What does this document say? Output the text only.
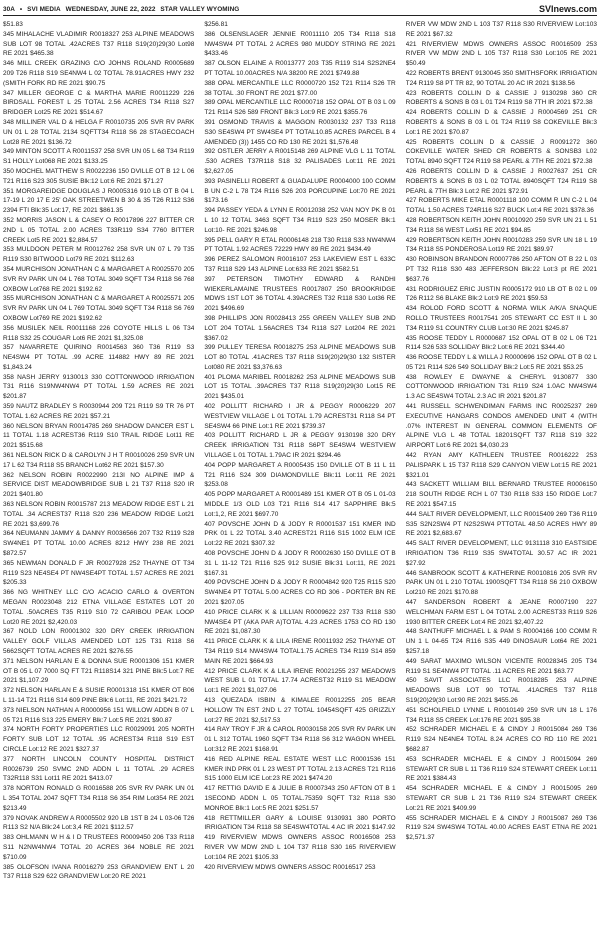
30A • SVI MEDIA WEDNESDAY, JUNE 22, 2022 STAR VALLEY WYOMING	SVInews.com

$51.83

345 MIHALACHE VLADIMIR R0018327 253 ALPINE MEADOWS SUB LOT 98 TOTAL .42ACRES T37 R118 S19(20)29(30 Lot98 RE 2021 $465.38

346 MILL CREEK GRAZING C/O JOHNS ROLAND R0005689 209 T26 R118 S19 SE4NW4 L 02 TOTAL 78.91ACRES HWY 232 (SMITH FORK RD RE 2021 $90.75

347 MILLER GEORGE C & MARTHA MARIE R0011229 226 BIRDSALL FOREST L 25 TOTAL 2.56 ACRES T34 R118 S27 BRIDGER Lot25 RE 2021 $514.67

348 MILLINER VAL D & HELGA F R0010735 205 SVR RV PARK UN 01 L 28 TOTAL 2134 SQFTT34 R118 S6 28 STAGECOACH Lot28 RE 2021 $136.72

349 MINTON SCOTT A R0011537 258 SVR UN 05 L 68 T34 R119 S1 HOLLY Lot068 RE 2021 $133.25

350 MOCHEL MATTHEW S R0022236 150 DVILLE OT B 12 L 06 T21 R116 S23 305 SUSIE Blk:12 Lot:6 RE 2021 $71.27

351 MORGAREIDGE DOUGLAS J R0005316 910 LB OT B 04 L 17-19 L 20 17 E 25' OAK STREETWEN B 30 & 35 T26 R112 S36 2394 FTI Blk:35 Lot:17, RE 2021 $861.35

352 MORRIS JASON L & CASEY O R0017896 227 BITTER CR 2ND L 05 TOTAL 2.00 ACRES T33R119 S34 7760 BITTER CREEK Lot5 RE 2021 $2,884.57

353 MULDOON PETER M R0012762 258 SVR UN 07 L 79 T35 R119 S30 BITWOOD Lot79 RE 2021 $112.63

354 MURCHISON JONATHAN C & MARGARET A R0025570 205 SVR RV PARK UN 04 L 768 TOTAL 3049 SQFT T34 R118 S6 768 OXBOW Lot768 RE 2021 $192.62

355 MURCHISON JONATHAN C & MARGARET A R0025571 205 SVR RV PARK UN 04 L 769 TOTAL 3049 SQFT T34 R118 S6 769 OXBOW Lot769 RE 2021 $192.62

356 MUSILEK NEIL R0011168 226 COYOTE HILLS L 06 T34 R118 S32 25 COUGAR Lot6 RE 2021 $1,325.08

357 NAVARRETE QUIRINO R0014563 360 T36 R119 S3 NE4SW4 PT TOTAL .99 ACRE 114882 HWY 89 RE 2021 $1,843.24

358 NASH JERRY 9130013 330 COTTONWOOD IRRIGATION T31 R116 S19NW4NW4 PT TOTAL 1.59 ACRES RE 2021 $201.87

359 NAUTZ BRADLEY S R0030944 209 T21 R119 S9 TR 76 PT TOTAL 1.62 ACRES RE 2021 $57.21

360 NELSON BRYAN R0014785 269 SHADOW DANCER EST L 11 TOTAL 1.18 ACREST36 R119 S10 TRAIL RIDGE Lot11 RE 2021 $515.68

361 NELSON RICK D & CAROLYN J H T R0010026 259 SVR UN 17 L 62 T34 R118 S5 BRANCH Lot62 RE 2021 $157.30

362 NELSON ROBIN R0022990 213I NO ALPINE IMP & SERVICE DIST MEADOWBRIDGE SUB L 21 T37 R118 S20 IR 2021 $401.80

363 NELSON ROBIN R0015787 213 MEADOW RIDGE EST L 21 TOTAL .34 ACREST37 R118 S20 236 MEADOW RIDGE Lot21 RE 2021 $3,699.76

364 NEUMANN JAMMY & DANNY R0036566 207 T32 R119 S28 SW4NE1 PT TOTAL 10.00 ACRES 8212 HWY 238 RE 2021 $872.57

365 NEWMAN DONALD F JR R0027928 252 THAYNE OT T34 R119 S23 NE4SE4 PT NW4SE4PT TOTAL 1.57 ACRES RE 2021 $205.33

366 NG WHITNEY LLC C/O ACACIO CARLO & OVERTON MEGAN R0023048 212 ETNA VILLAGE ESTATES LOT 20 TOTAL .50ACRES T35 R119 S10 72 CARIBOU PEAK LOOP Lot20 RE 2021 $2,420.03

367 NOLD LON R0001302 320 DRY CREEK IRRIGATION VALLEY GOLF VILLAS AMENDED LOT 125 T31 R118 S6 5662SQFT TOTAL ACRES RE 2021 $276.55

371 NELSON HARLAN E & DONNA SUE R0001306 151 KMER OT B 05 L 07 7000 SQ FT T21 R118S14 321 PINE Blk:5 Lot:7 RE 2021 $1,107.29

372 NELSON HARLAN E & SUSIE R0001318 151 KMER OT B06 L 11-14 T21 R116 S14 609 PINE Blk:6 Lot:11, RE 2021 $421.72

373 NIELSON NATHAN A R0000956 151 WILLOW ADDN B 07 L 05 T21 R116 S13 225 EMERY Blk:7 Lot:5 RE 2021 $90.87

374 NORTH FORTY PROPERTIES LLC R0029091 205 NORTH FORTY SUB LOT 12 TOTAL .95 ACREST34 R118 S19 EST CIRCLE Lot:12 RE 2021 $327.37

377 NORTH LINCOLN COUNTY HOSPITAL DISTRICT R0026739 250 SVMC 2ND ADDN L 11 TOTAL .29 ACRES T32R118 S31 Lot11 RE 2021 $413.07

378 NORTON RONALD G R0016588 205 SVR RV PARK UN 01 L 354 TOTAL 2047 SQFT T34 R118 S6 354 RIM Lot354 RE 2021 $213.49

379 NOVAK ANDREW A R0005502 920 LB 1ST B 24 L 03-06 T26 R113 S2 N/A Blk:24 Lot:3,4 RE 2021 $112.57

383 OHLMANN W H & I D TRUSTEES R0009450 206 T33 R118 S11 N2NW4NW4 TOTAL 20 ACRES 364 NOBLE RE 2021 $710.09

385 OLOFSON IVANA R0016279 253 GRANDVIEW ENT L 20 T37 R118 S29 622 GRANDVIEW Lot:20 RE 2021

$256.81

386 OLSENSLAGER JENNIE R0011110 205 T34 R118 S18 NW4SW4 PT TOTAL 2 ACRES 980 MUDDY STRING RE 2021 $433.46

387 OLSON ELAINE A R0013777 203 T35 R119 S14 S2S2NE4 PT TOTAL 10.00ACRES N/A 38200 RE 2021 $749.88

388 OPAL MERCANTILE LLC R0000720 152 T21 R114 S26 TR 38 TOTAL .30 FRONT RE 2021 $77.00

389 OPAL MERCANTILE LLC R0000718 152 OPAL OT B 03 L 09 T21 R114 S26 589 FRONT Blk:3 Lot:9 RE 2021 $355.76

391 OSMOND TRAVIS & MAGGON R0030132 237 T33 R118 S30 SE4SW4 PT SW4SE4 PT TOTAL10.85 ACRES PARCEL B 4 AMENDED (3)) 1455 CO RD 130 RE 2021 $1,576.48

392 OSTLER JERRY A R0015148 269 ALPINE VLG L 11 TOTAL .530 ACRES T37R118 S18 32 PALISADES Lot:11 RE 2021 $2,627.05

393 PASINELLI ROBERT & GUADALUPE R0004000 100 COMM B UN C-2 L 78 T24 R116 S26 203 PORCUPINE Lot:70 RE 2021 $173.16

394 PASSEY YEDA & LYNN E R0012038 252 VAN NOY PK B 01 L 10 12 TOTAL 3463 SQFT T34 R119 S23 250 MOSER Blk:1 Lot:10- RE 2021 $246.98

395 PELL GARY R ETAL R0006148 218 T30 R118 S33 NW4NW4 PT TOTAL 1.92 ACRES 72229 HWY 89 RE 2021 $434.49

396 PEREZ SALOMON R0016107 253 LAKEVIEW EST L 633C T37 R118 S29 143 ALPINE Lot:633 RE 2021 $582.51

397 PETERSON TIMOTHY EDWARD & RANDHI WIEKERLAMAINE TRUSTEES R0017807 250 BROOKRIDGE MDWS 1ST LOT 36 TOTAL 4.39ACRES T32 R118 S30 Lot36 RE 2021 $496.69

398 PHILLIPS JON R0028413 255 GREEN VALLEY SUB 2ND LOT 204 TOTAL 1.56ACRES T34 R118 S27 Lot204 RE 2021 $367.02

399 PULLEY TERESA R0018275 253 ALPINE MEADOWS SUB LOT 80 TOTAL .41ACRES T37 R118 S19(20)29(30 132 SISTER Lot080 RE 2021 $3,376.63

401 PLOMA MARIBEL R0018262 253 ALPINE MEADOWS SUB LOT 15 TOTAL .39ACRES T37 R118 S19(20)29(30 Lot15 RE 2021 $435.01

402 POLLITT RICHARD I JR & PEGGY R0006229 207 WESTVIEW VILLAGE L 01 TOTAL 1.79 ACREST31 R118 S4 PT SE4SW4 66 PINE Lot:1 RE 2021 $739.37

403 POLLITT RICHARD L JR & PEGGY 9130198 320 DRY CREEK IRRIGATION T31 R118 S6PT SE4SW4 WESTVIEW VILLAGE L 01 TOTAL 1.79AC IR 2021 $294.46

404 POPP MARGARET A R0005435 150 DVILLE OT B 11 L 11 T21 R116 S24 309 DIAMONDVILLE Blk:11 Lot:11 RE 2021 $253.08

405 POPP MARGARET A R0001489 151 KMER OT B 05 L 01-03 MIDDLE 1/3 OLD L03 T21 R116 S14 417 SAPPHIRE Blk:5 Lot:1,2, RE 2021 $697.70

407 POVSCHE JOHN D & JODY R R0001537 151 KMER IND PRK 01 L 22 TOTAL 3.40 ACREST21 R116 S15 1002 ELM ICE Lot:22 RE 2021 $307.32

408 POVSCHE JOHN D & JODY R R0002630 150 DVILLE OT B 31 L 11-12 T21 R116 S25 912 SUSIE Blk:31 Lot:11, RE 2021 $167.31

409 POVSCHE JOHN D & JODY R R0004842 920 T25 R115 S20 SW4NE4 PT TOTAL 5.00 ACRES CO RD 306 - PORTER BN RE 2021 $207.05

410 PRICE CLARK K & LILLIAN R0009622 237 T33 R118 S30 NW4SE4 PT (AKA PAR A)TOTAL 4.23 ACRES 1753 CO RD 130 RE 2021 $1,087.30

411 PRICE CLARK K & LILA IRENE R0011932 252 THAYNE OT T34 R119 S14 NW4SW4 TOTAL1.75 ACRES T34 R119 S14 859 MAIN RE 2021 $664.93

412 PRICE CLARK K & LILA IRENE R0021255 237 MEADOWS WEST SUB L 01 TOTAL 17.74 ACREST32 R119 S1 MEADOW Lot:1 RE 2021 $1,027.06

413 QUEZADA ISBIN & KIMALEE R0012255 205 BEAR HOLLOW TN EST 2ND L 27 TOTAL 10454SQFT 425 GRIZZLY Lot:27 RE 2021 $2,517.53

414 RAY TROY F JR & CAROL R0030158 205 SVR RV PARK UN 01 L 312 TOTAL 1960 SQFT T34 R118 S6 312 WAGON WHEEL Lot:312 RE 2021 $168.91

416 RED ALPINE REAL ESTATE WEST LLC R0001536 151 KMER IND PRK 01 L 23 WEST PT TOTAL 2.13 ACRES T21 R116 S15 1000 ELM ICE Lot:23 RE 2021 $474.20

417 RETTIG DAVID E & JULIE B R0007343 250 AFTON OT B 1 1SECOND ADDN L 05 TOTAL.75359 SQFT T32 R118 S30 MONROE Blk:1 Lot:5 RE 2021 $251.57

418 RETTMILLER GARY & LOUISE 9130931 380 PORTO IRRIGATION T34 R118 S8 SE4SW4TOTAL 4 AC IR 2021 $147.92

419 RIVERVIEW MDWS OWNERS ASSOC R0016508 253 RIVER VW MDW 2ND L 104 T37 R118 S30 165 RIVERVIEW Lot:104 RE 2021 $105.33

420 RIVERVIEW MDWS OWNERS ASSOC R0016517 253

RIVER VW MDW 2ND L 103 T37 R118 S30 RIVERVIEW Lot:103 RE 2021 $67.32

421 RIVERVIEW MDWS OWNERS ASSOC R0016509 253 RIVER VW MDW 2ND L 105 T37 R118 S30 Lot:105 RE 2021 $50.49

422 ROBERTS BRENT 9130045 350 SMITHSFORK IRRIGATION T24 R119 S8 PT TR 82, 90 TOTAL 20 AC IR 2021 $138.56

423 ROBERTS COLLIN D & CASSIE J 9130298 360 CR ROBERTS & SONS B 03 L 01 T24 R119 S8 7TH IR 2021 $72.38

424 ROBERTS COLLIN D & CASSIE J R0004569 251 CR ROBERTS & SONS B 03 L 01 T24 R119 S8 COKEVILLE Blk:3 Lot:1 RE 2021 $70.87

425 ROBERTS COLLIN D & CASSIE J R0091272 360 COKEVILLE WATER SHED CR ROBERTS & SONSB3 L02 TOTAL 8940 SQFT T24 R119 S8 PEARL & 7TH RE 2021 $72.38

426 ROBERTS COLLIN D & CASSIE J R0027637 251 CR ROBERTS & SONS B 03 L 02 TOTAL 8940SQFT T24 R119 S8 PEARL & 7TH Blk:3 Lot:2 RE 2021 $72.91

427 ROBERTS MIKE ETAL R0001118 100 COMM R UN C-2 L 04 TOTAL 1.50 ACRES T24R116 S27 BUCK Lot:4 RE 2021 $378.36

428 ROBERTSON KEITH JOHN R0010920 259 SVR UN 21 L 51 T34 R118 S6 WEST Lot51 RE 2021 $94.85

429 ROBERTSON KEITH JOHN R0010283 259 SVR UN 18 L 19 T34 R118 S5 PONDEROSA Lot19 RE 2021 $89.97

430 ROBINSON BRANDON R0007786 250 AFTON OT B 22 L 03 PT T32 R118 S30 483 JEFFERSON Blk:22 Lot:3 pt RE 2021 $637.76

431 RODRIGUEZ ERIC JUSTIN R0005172 910 LB OT B 02 L 09 T26 R112 S6 BLAKE Blk:2 Lot:9 RE 2021 $59.53

434 ROLOD FORD SCOTT & NORMA WILK A/K/A SNAQUE ROLLO TRUSTEES R0017541 205 STEWART CC EST II L 30 T34 R119 S1 COUNTRY CLUB Lot:30 RE 2021 $245.87

435 ROOSE TEDDY L R0000687 152 OPAL OT B 02 L 06 T21 R114 S26 533 SOLLIDAY Blk:2 Lot:6 RE 2021 $344.40

436 ROOSE TEDDY L & WILLA J R0000696 152 OPAL OT B 02 L 05 T21 R114 S26 549 SOLLIDAY Blk:2 Lot:5 RE 2021 $53.25

438 ROWLEY E DWAYNE & CHERYL 9130877 330 COTTONWOOD IRRIGATION T31 R119 S24 1.0AC NW4SW4 1.3 AC SE4SW4 TOTAL 2.3 AC IR 2021 $201.87

441 RUSSELL SCHWENDIMAN FARMS INC R0025237 269 EXECUTIVE HANGARS CONDOS AMENDED UNIT 4 (WITH .07% INTEREST IN GENERAL COMMON ELEMENTS OF ALPINE VLG L 48 TOTAL 18201SQFT T37 R118 S19 322 AIRPORT Lot:6 RE 2021 $4,030.23

442 RYAN AMY KATHLEEN TRUSTEE R0016222 253 PALISPARK L 15 T37 R118 S29 CANYON VIEW Lot:15 RE 2021 $321.01

443 SACKETT WILLIAM BILL BERNARD TRUSTEE R0006150 218 SOUTH RIDGE RCH L 07 T30 R118 S33 150 RIDGE Lot:7 RE 2021 $547.15

444 SALT RIVER DEVELOPMENT, LLC R0015409 269 T36 R119 S35 S2N2SW4 PT N2S2SW4 PTTOTAL 48.50 ACRES HWY 89 RE 2021 $2,683.67

445 SALT RIVER DEVELOPMENT, LLC 9131118 310 EASTSIDE IRRIGATION T36 R119 S35 SW4TOTAL 30.57 AC IR 2021 $27.92

446 SANBROOK SCOTT & KATHERINE R0010816 205 SVR RV PARK UN 01 L 210 TOTAL 1900SQFT T34 R118 S6 210 OXBOW Lot210 RE 2021 $170.88

447 SANDERSON ROBERT & JEANE R0007190 227 WELCHMAN FARM EST L 04 TOTAL 2.00 ACREST33 R119 S26 1930 BITTER CREEK Lot:4 RE 2021 $2,407.22

448 SANTHUFF MICHAEL L & PAM S R0004166 100 COMM R UN 1 L 04-65 T24 R116 S35 449 DINOSAUR Lot64 RE 2021 $257.18

449 SARAT MAXIMO WILSON VICENTE R0028345 205 T34 R119 S1 SE4NW4 PT TOTAL .11 ACRES RE 2021 $63.77

450 SAVIT ASSOCIATES LLC R0018285 253 ALPINE MEADOWS SUB LOT 90 TOTAL .41ACRES T37 R118 S19(20)29(30 Lot:90 RE 2021 $455.26

451 SCHOLFIELD LYNNE L R0010149 259 SVR UN 18 L 176 T34 R118 S5 CREEK Lot:176 RE 2021 $95.38

452 SCHRADER MICHAEL E & CINDY J R0015084 269 T36 R119 S24 NE4NE4 TOTAL 8.24 ACRES CO RD 110 RE 2021 $682.87

453 SCHRADER MICHAEL E & CINDY J R0015094 269 STEWART CR SUB L 11 T36 R119 S24 STEWART CREEK Lot:11 RE 2021 $384.43

454 SCHRADER MICHAEL E & CINDY J R0015095 269 STEWART CR SUB L 21 T36 R119 S24 STEWART CREEK Lot:21 RE 2021 $409.99

455 SCHRADER MICHAEL E & CINDY J R0015087 269 T36 R119 S24 SW4SW4 TOTAL 40.00 ACRES EAST ETNA RE 2021 $2,571.37
